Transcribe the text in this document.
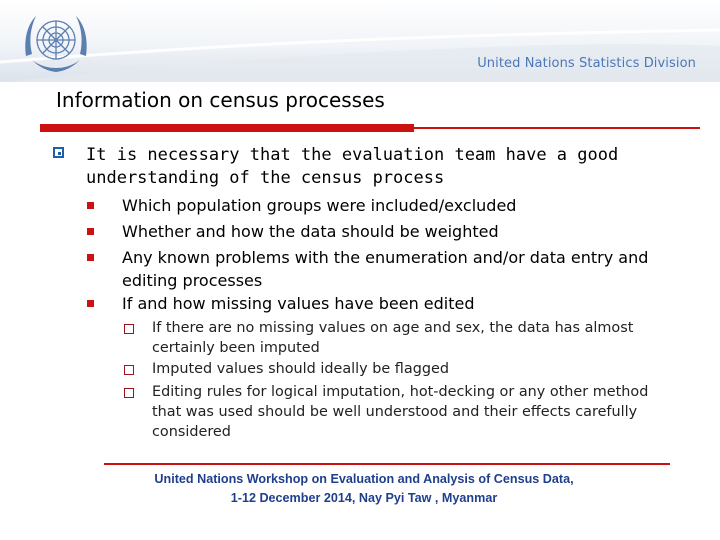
United Nations Statistics Division
Information on census processes
It is necessary that the evaluation team have a good understanding of the census process
Which population groups were included/excluded
Whether and how the data should be weighted
Any known problems with the enumeration and/or data entry and editing processes
If and how missing values have been edited
If there are no missing values on age and sex, the data has almost certainly been imputed
Imputed values should ideally be flagged
Editing rules for logical imputation, hot-decking or any other method that was used should be well understood and their effects carefully considered
United Nations Workshop on Evaluation and Analysis of Census Data,
1-12 December 2014, Nay Pyi Taw , Myanmar
